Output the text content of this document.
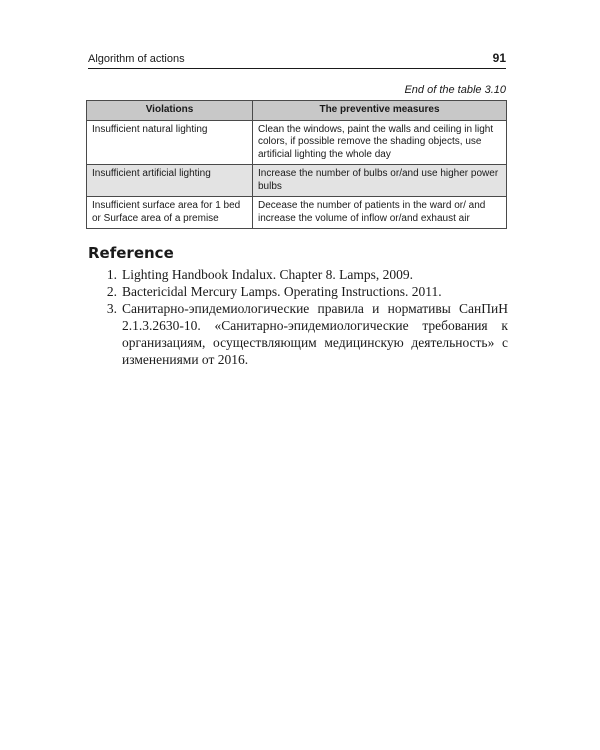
Algorithm of actions	91
End of the table 3.10
Violations	The preventive measures
Insufficient natural lighting	Clean the windows, paint the walls and ceiling in light colors, if possible remove the shading objects, use artificial lighting the whole day
Insufficient artificial lighting	Increase the number of bulbs or/and use higher power bulbs
Insufficient surface area for 1 bed or Surface area of a premise	Decease the number of patients in the ward or/ and increase the volume of inflow or/and exhaust air
Reference
1. Lighting Handbook Indalux. Chapter 8. Lamps, 2009.
2. Bactericidal Mercury Lamps. Operating Instructions. 2011.
3. Санитарно-эпидемиологические правила и нормативы СанПиН 2.1.3.2630-10. «Санитарно-эпидемиологические требования к организациям, осуществляющим медицинскую деятельность» с изменениями от 2016.
